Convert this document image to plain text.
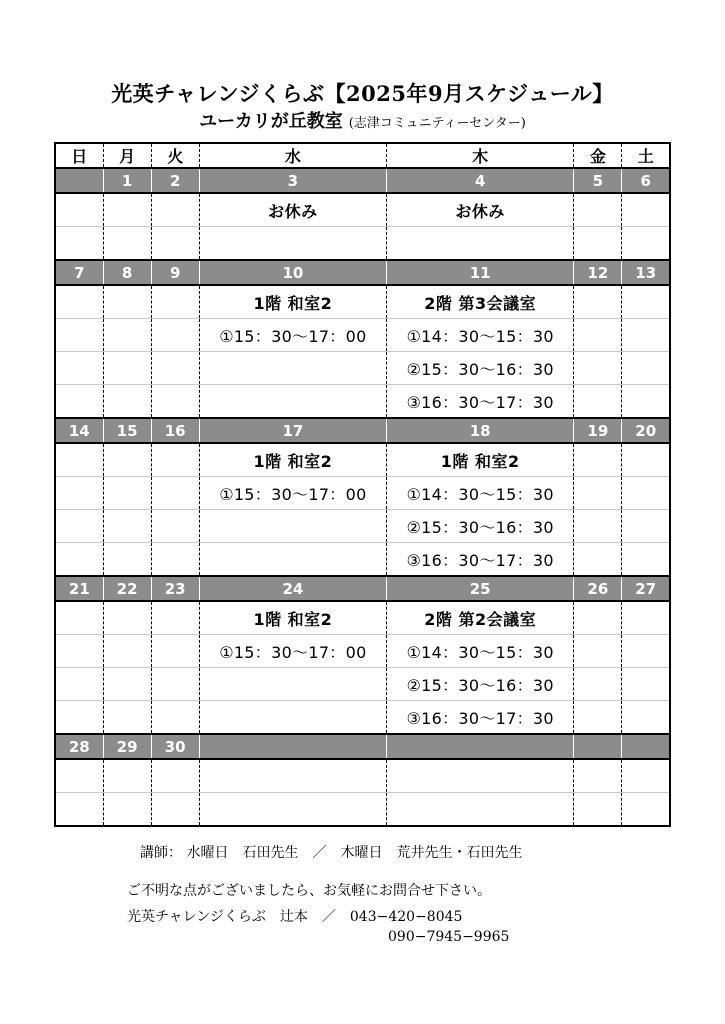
光英チャレンジくらぶ【2025年9月スケジュール】
ユーカリが丘教室 (志津コミュニティーセンター)
日	月	火	水	木	金	土
	1	2	3	4	5	6
			お休み	お休み		

7	8	9	10	11	12	13
			1階 和室2	2階 第3会議室		
			①15：30〜17：00	①14：30〜15：30		
				②15：30〜16：30		
				③16：30〜17：30		
14	15	16	17	18	19	20
			1階 和室2	1階 和室2		
			①15：30〜17：00	①14：30〜15：30		
				②15：30〜16：30		
				③16：30〜17：30		
21	22	23	24	25	26	27
			1階 和室2	2階 第2会議室		
			①15：30〜17：00	①14：30〜15：30		
				②15：30〜16：30		
				③16：30〜17：30		
28	29	30				

講師： 水曜日　石田先生　／　木曜日　荒井先生・石田先生
ご不明な点がございましたら、お気軽にお問合せ下さい。
光英チャレンジくらぶ　辻本　／　043−420−8045
090−7945−9965
